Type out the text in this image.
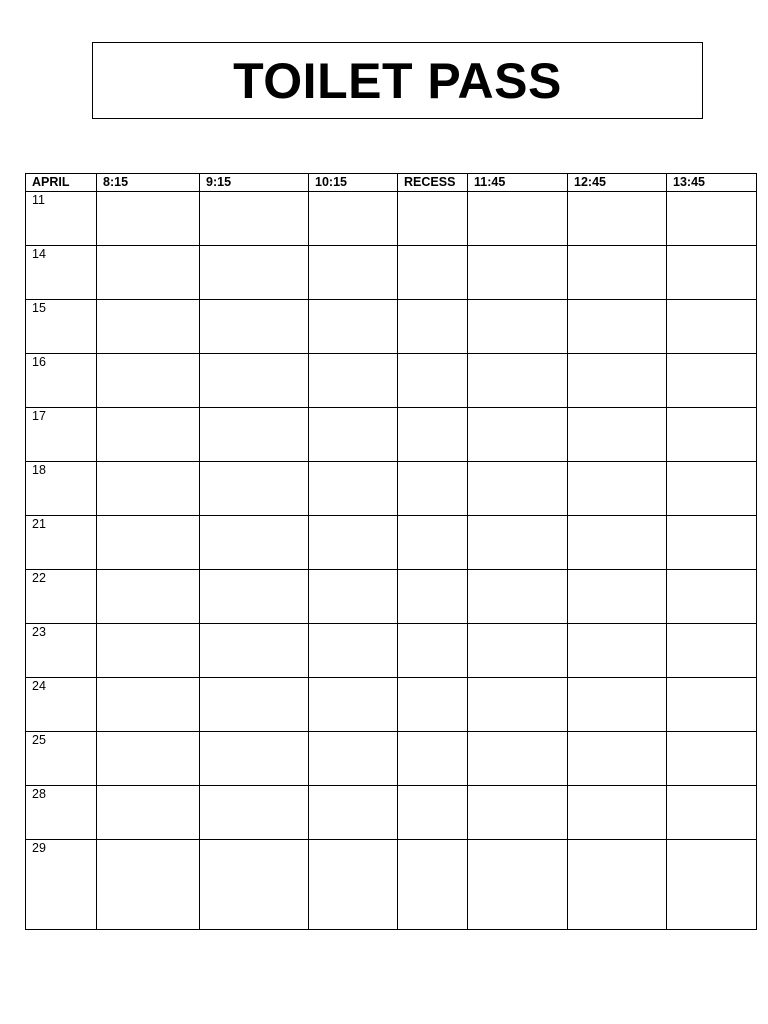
TOILET PASS
APRIL	8:15	9:15	10:15	RECESS	11:45	12:45	13:45

11							

14							

15							

16							

17							

18							

21							

22							

23							

24							

25							

28							

29							
